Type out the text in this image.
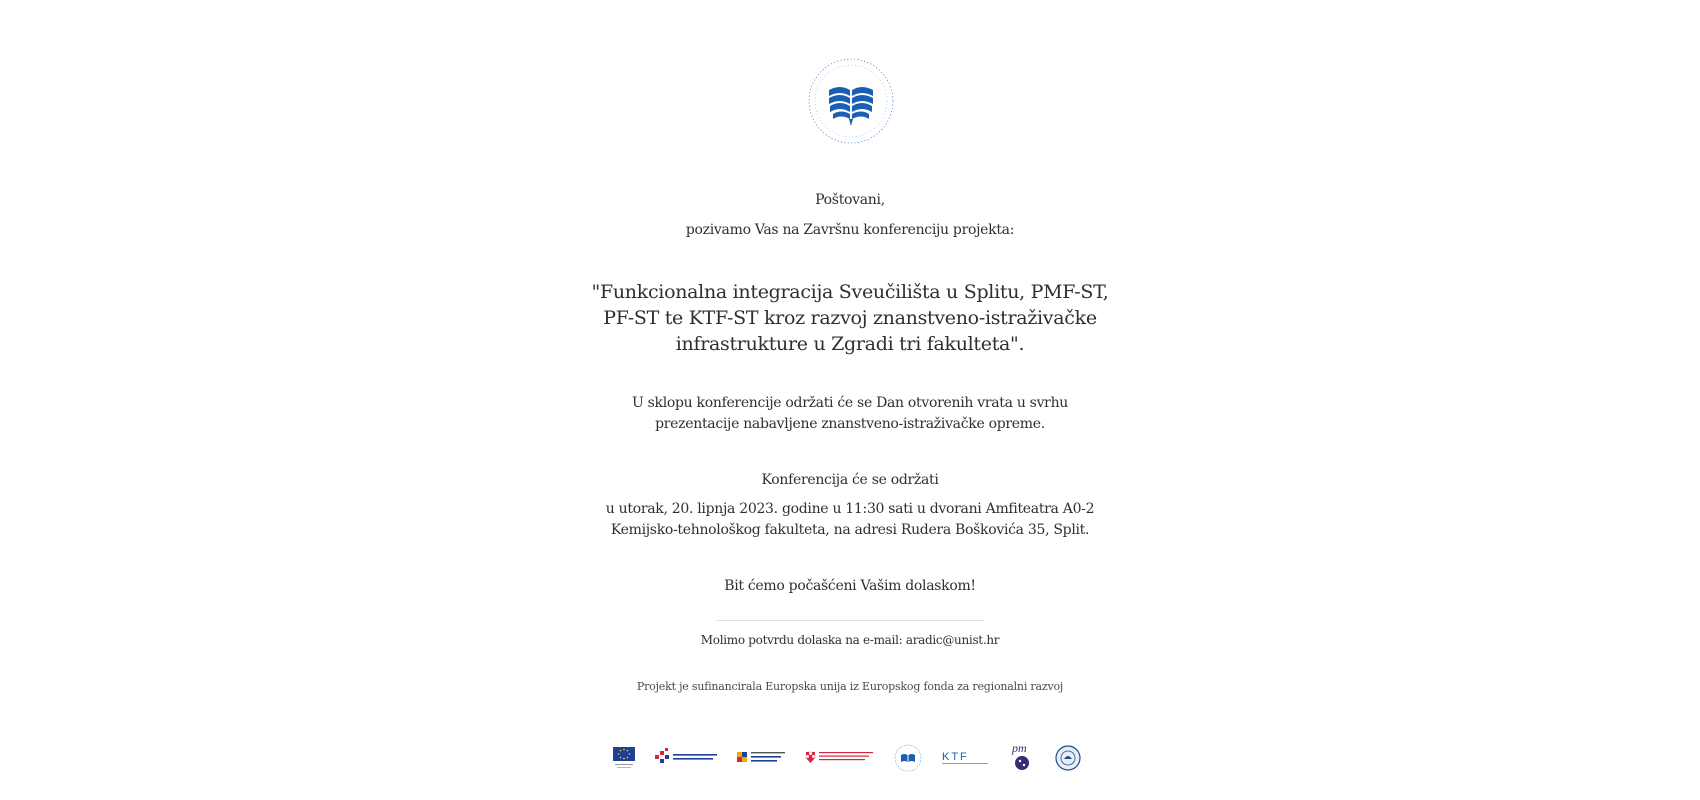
Poštovani,
pozivamo Vas na Završnu konferenciju projekta:
"Funkcionalna integracija Sveučilišta u Splitu, PMF-ST,
PF-ST te KTF-ST kroz razvoj znanstveno-istraživačke
infrastrukture u Zgradi tri fakulteta".
U sklopu konferencije održati će se Dan otvorenih vrata u svrhu
prezentacije nabavljene znanstveno-istraživačke opreme.
Konferencija će se održati
u utorak, 20. lipnja 2023. godine u 11:30 sati u dvorani Amfiteatra A0-2
Kemijsko-tehnološkog fakulteta, na adresi Rudera Boškovića 35, Split.
Bit ćemo počašćeni Vašim dolaskom!
Molimo potvrdu dolaska na e-mail: aradic@unist.hr
Projekt je sufinancirala Europska unija iz Europskog fonda za regionalni razvoj
KTF
pm
